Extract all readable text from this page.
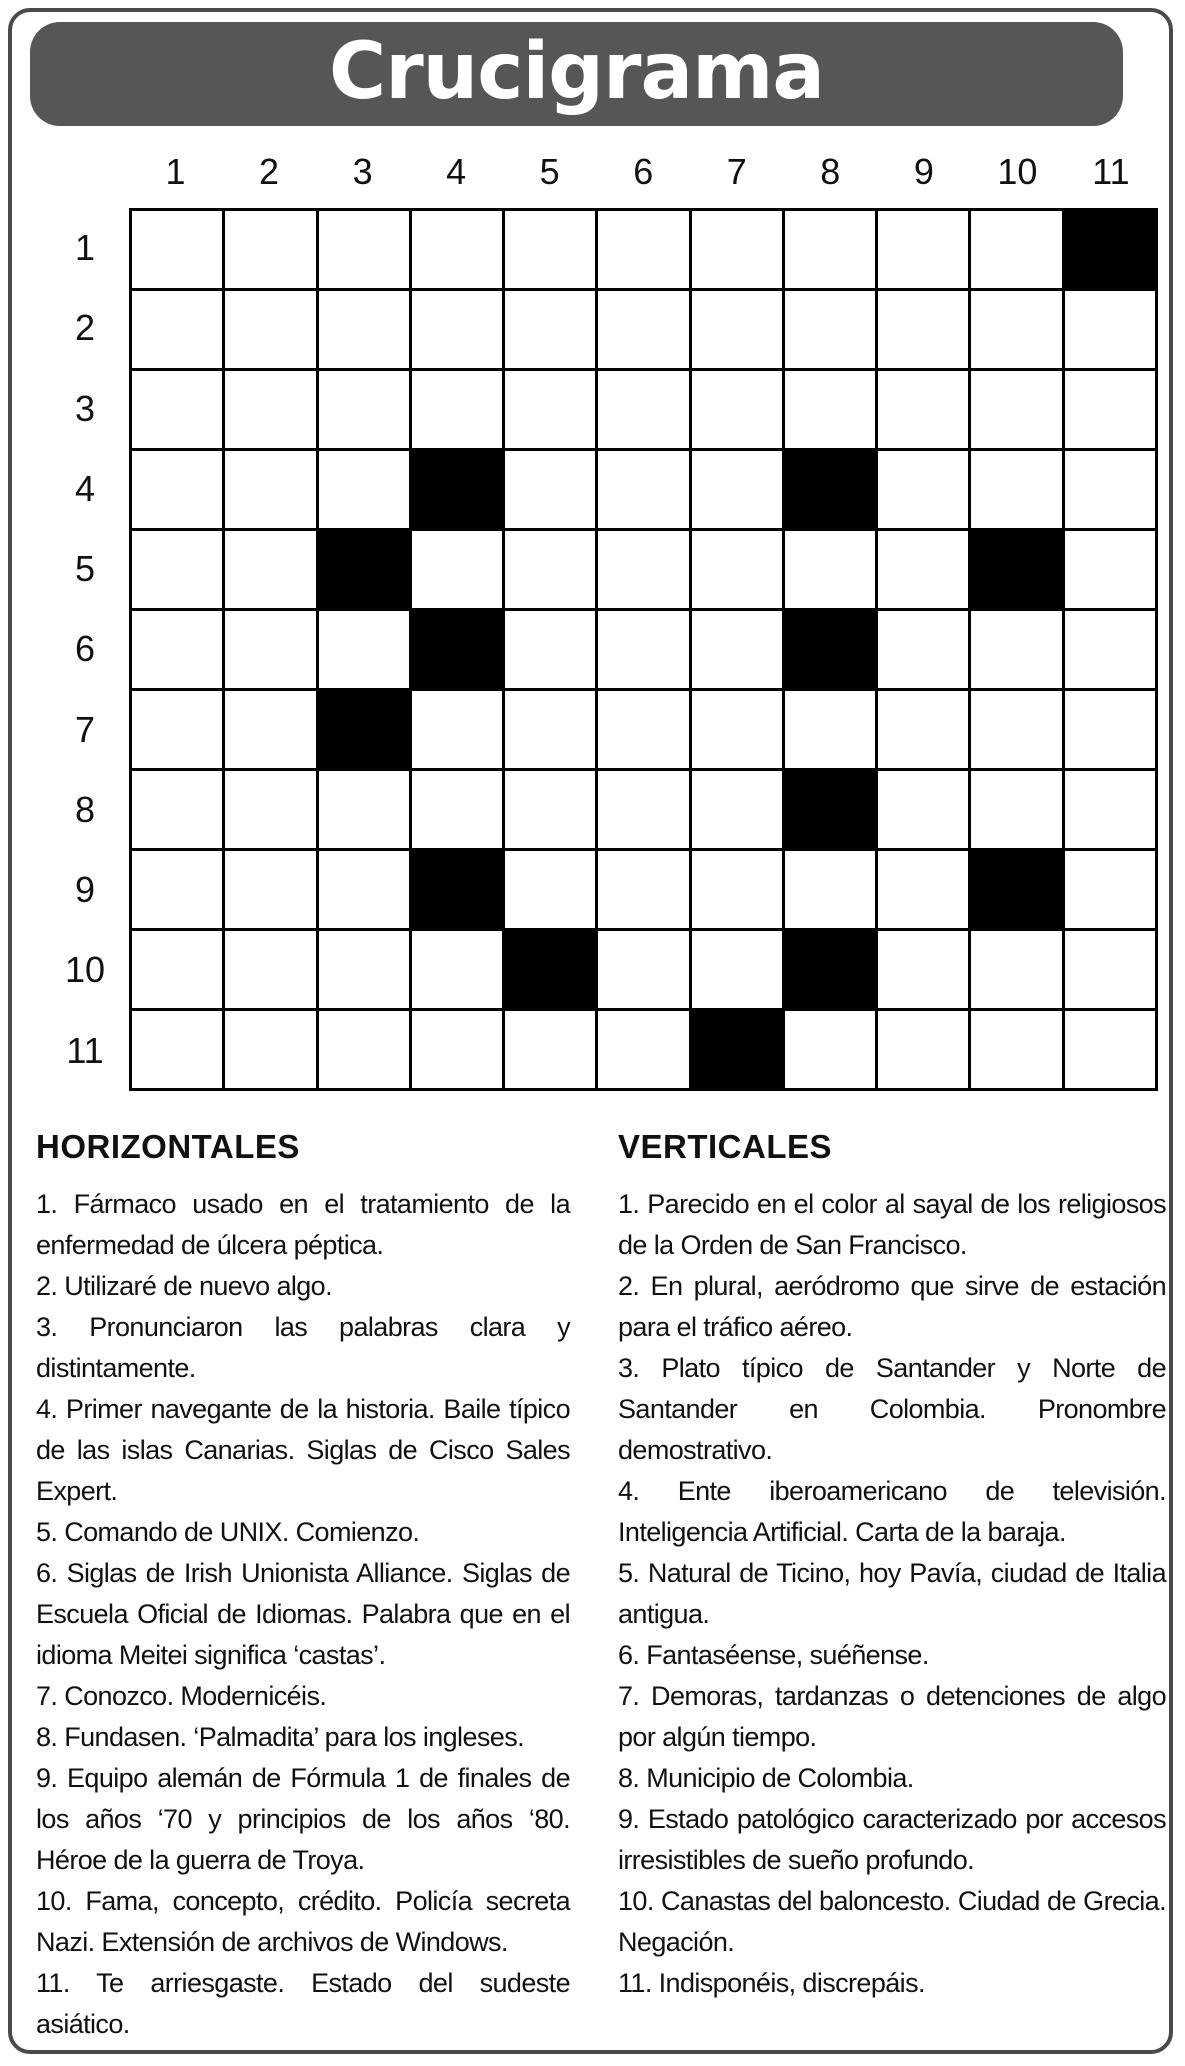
Crucigrama
1	2	3	4	5	6	7	8	9	10	11
1
2
3
4
5
6
7
8
9
10
11
HORIZONTALES

1. Fármaco usado en el tratamiento de la enfermedad de úlcera péptica.

2. Utilizaré de nuevo algo.

3. Pronunciaron las palabras clara y distintamente.

4. Primer navegante de la historia. Baile típico de las islas Canarias. Siglas de Cisco Sales Expert.

5. Comando de UNIX. Comienzo.

6. Siglas de Irish Unionista Alliance. Siglas de Escuela Oficial de Idiomas. Palabra que en el idioma Meitei significa ‘castas’.

7. Conozco. Modernicéis.

8. Fundasen. ‘Palmadita’ para los ingleses.

9. Equipo alemán de Fórmula 1 de finales de los años ‘70 y principios de los años ‘80. Héroe de la guerra de Troya.

10. Fama, concepto, crédito. Policía secreta Nazi. Extensión de archivos de Windows.

11. Te arriesgaste. Estado del sudeste asiático.

VERTICALES

1. Parecido en el color al sayal de los religiosos de la Orden de San Francisco.

2. En plural, aeródromo que sirve de estación para el tráfico aéreo.

3. Plato típico de Santander y Norte de Santander en Colombia. Pronombre demostrativo.

4. Ente iberoamericano de televisión. Inteligencia Artificial. Carta de la baraja.

5. Natural de Ticino, hoy Pavía, ciudad de Italia antigua.

6. Fantaséense, suéñense.

7. Demoras, tardanzas o detenciones de algo por algún tiempo.

8. Municipio de Colombia.

9. Estado patológico caracterizado por accesos irresistibles de sueño profundo.

10. Canastas del baloncesto. Ciudad de Grecia. Negación.

11. Indisponéis, discrepáis.
